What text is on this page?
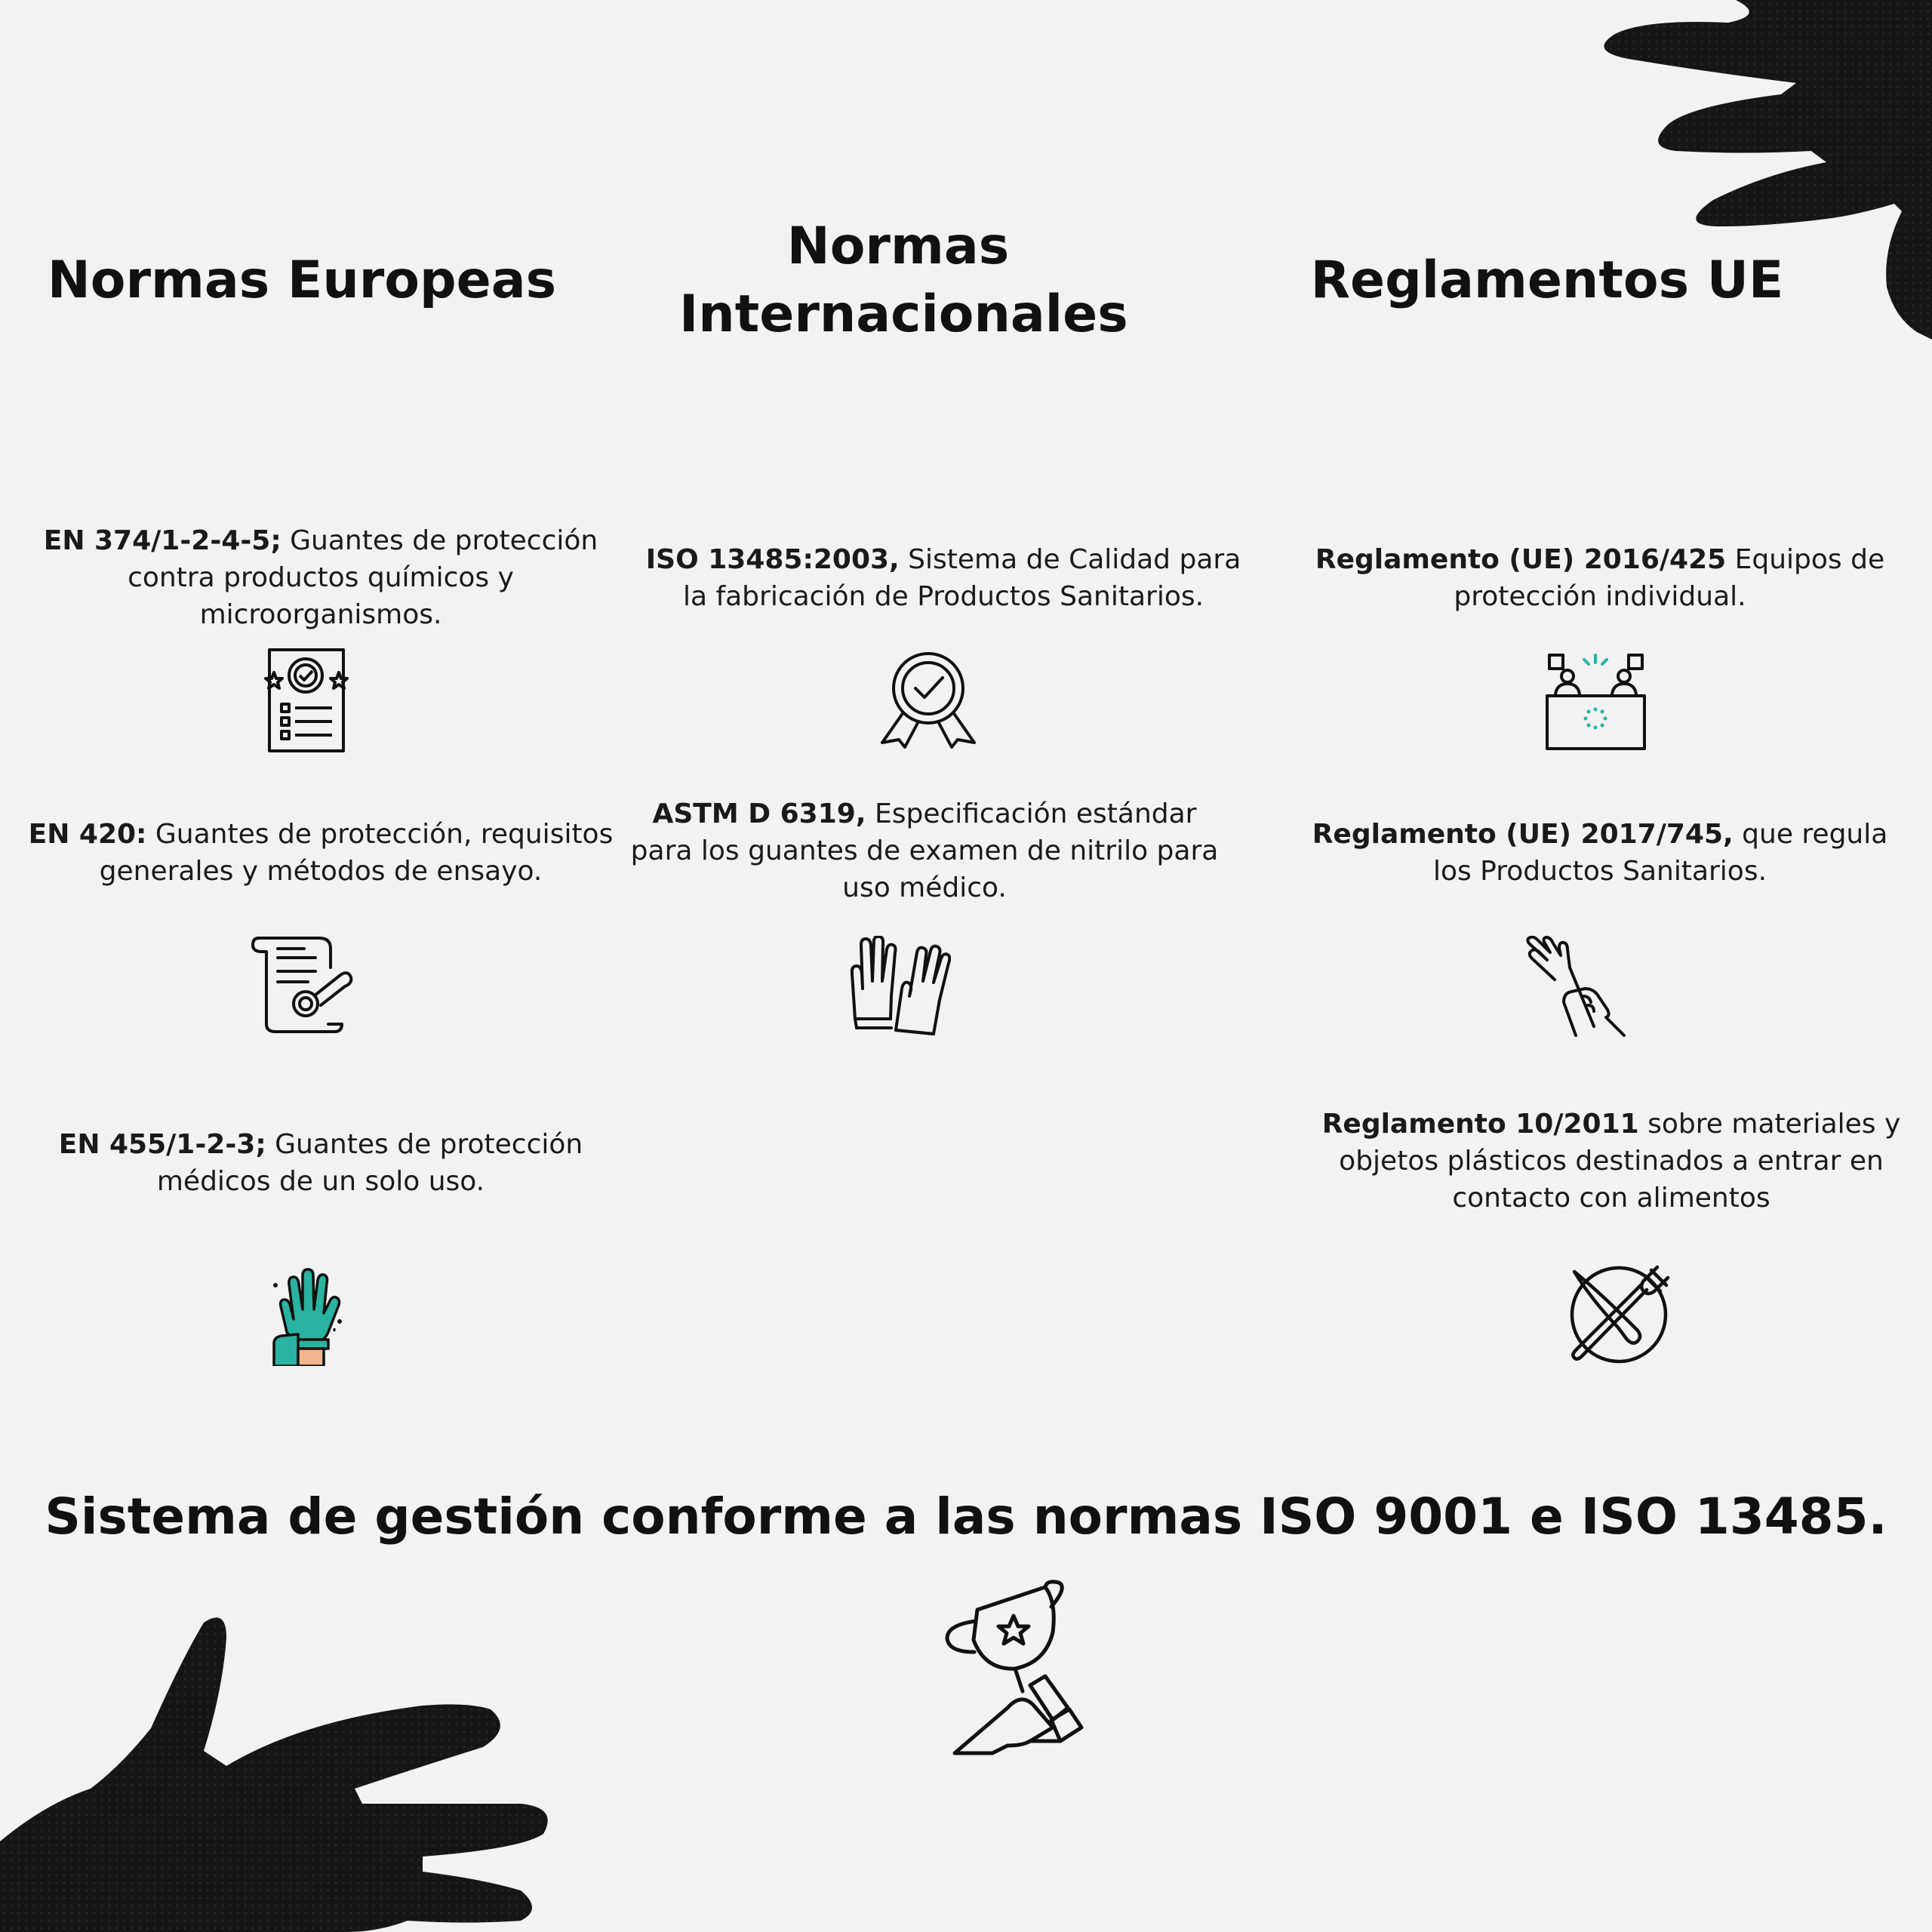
Normas Europeas
Normas Internacionales
Reglamentos UE
EN 374/1-2-4-5; Guantes de protección contra productos químicos y microorganismos.
EN 420: Guantes de protección, requisitos generales y métodos de ensayo.
EN 455/1-2-3; Guantes de protección médicos de un solo uso.
ISO 13485:2003, Sistema de Calidad para la fabricación de Productos Sanitarios.
ASTM D 6319, Especificación estándar para los guantes de examen de nitrilo para uso médico.
Reglamento (UE) 2016/425 Equipos de protección individual.
Reglamento (UE) 2017/745, que regula los Productos Sanitarios.
Reglamento 10/2011 sobre materiales y objetos plásticos destinados a entrar en contacto con alimentos
Sistema de gestión conforme a las normas ISO 9001 e ISO 13485.
